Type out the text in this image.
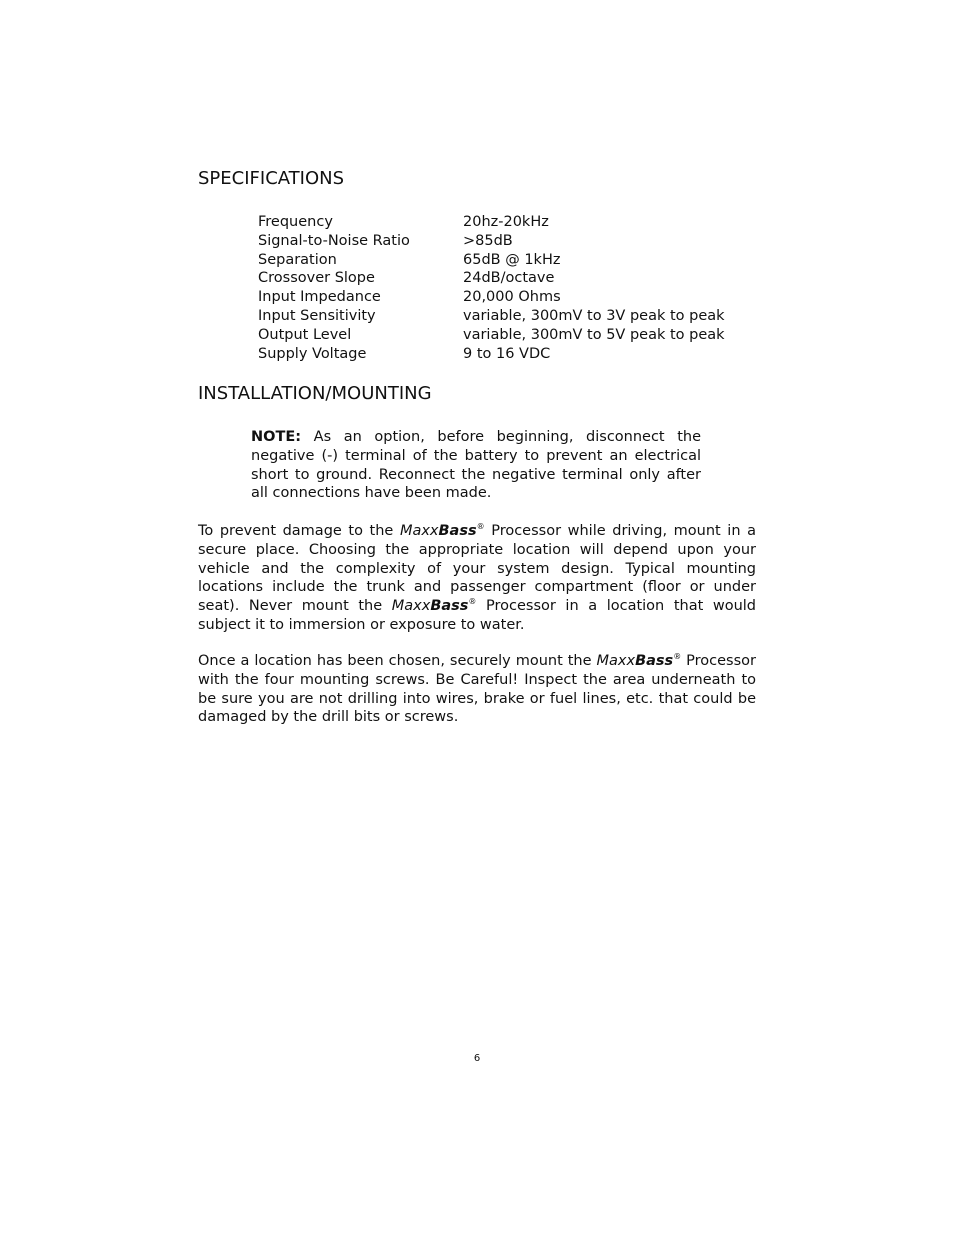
SPECIFICATIONS
Frequency	20hz-20kHz
Signal-to-Noise Ratio	>85dB
Separation	65dB @ 1kHz
Crossover Slope	24dB/octave
Input Impedance	20,000 Ohms
Input Sensitivity	variable, 300mV to 3V peak to peak
Output Level	variable, 300mV to 5V peak to peak
Supply Voltage	9 to 16 VDC
INSTALLATION/MOUNTING

NOTE: As an option, before beginning, disconnect the negative (-) terminal of the battery to prevent an electrical short to ground. Reconnect the negative terminal only after all connections have been made.

To prevent damage to the MaxxBass® Processor while driving, mount in a secure place. Choosing the appropriate location will depend upon your vehicle and the complexity of your system design. Typical mounting locations include the trunk and passenger compartment (floor or under seat). Never mount the MaxxBass® Processor in a location that would subject it to immersion or exposure to water.

Once a location has been chosen, securely mount the MaxxBass® Processor with the four mounting screws. Be Careful! Inspect the area underneath to be sure you are not drilling into wires, brake or fuel lines, etc. that could be damaged by the drill bits or screws.

6
